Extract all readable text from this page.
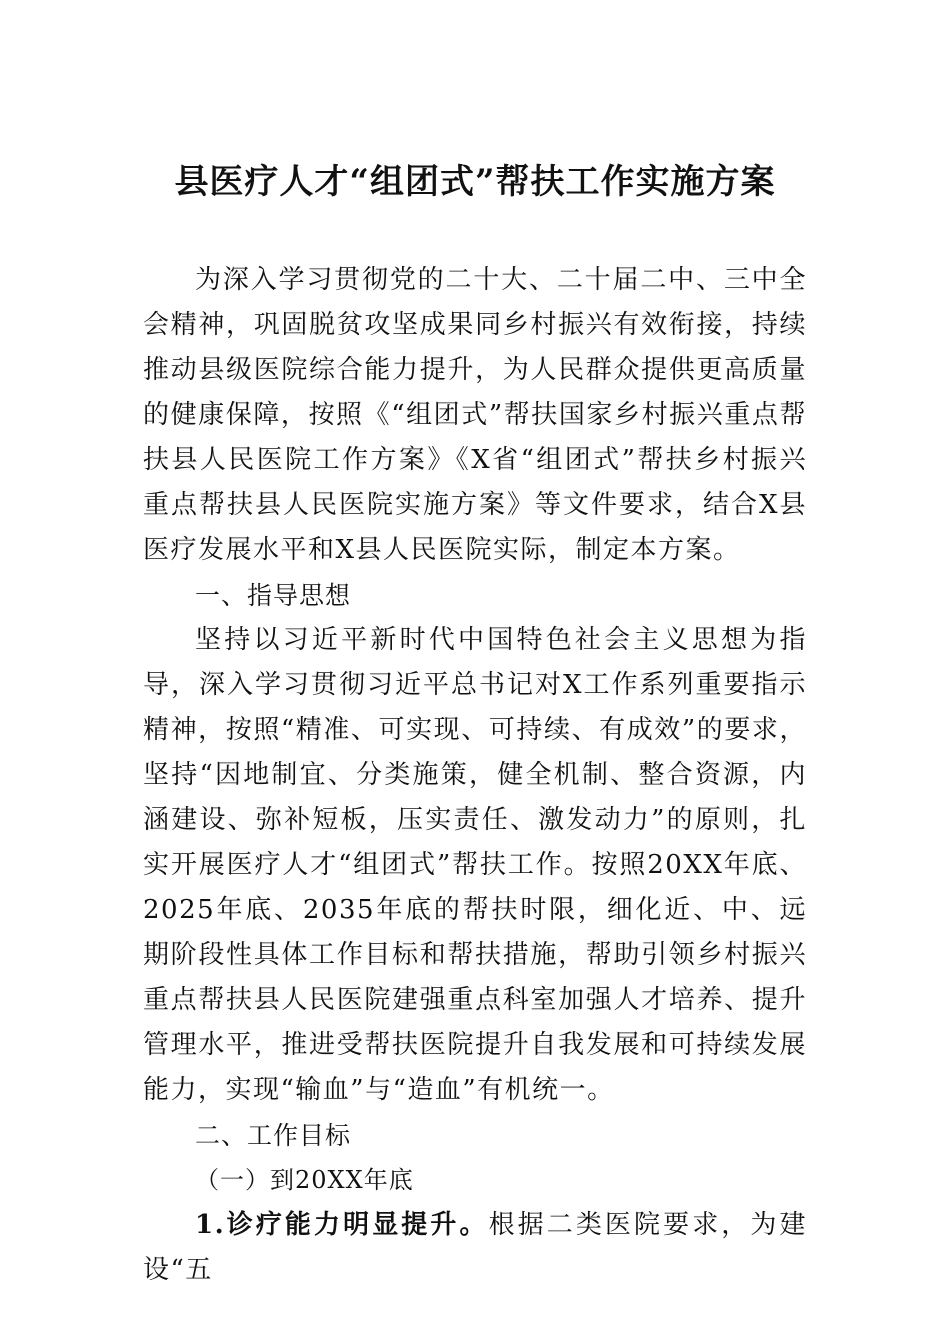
县医疗人才“组团式”帮扶工作实施方案

为深入学习贯彻党的二十大、二十届二中、三中全会精神，巩固脱贫攻坚成果同乡村振兴有效衔接，持续推动县级医院综合能力提升，为人民群众提供更高质量的健康保障，按照《“组团式”帮扶国家乡村振兴重点帮扶县人民医院工作方案》《X省“组团式”帮扶乡村振兴重点帮扶县人民医院实施方案》等文件要求，结合X县医疗发展水平和X县人民医院实际，制定本方案。

一、指导思想

坚持以习近平新时代中国特色社会主义思想为指导，深入学习贯彻习近平总书记对X工作系列重要指示精神，按照“精准、可实现、可持续、有成效”的要求，坚持“因地制宜、分类施策，健全机制、整合资源，内涵建设、弥补短板，压实责任、激发动力”的原则，扎实开展医疗人才“组团式”帮扶工作。按照20XX年底、2025年底、2035年底的帮扶时限，细化近、中、远期阶段性具体工作目标和帮扶措施，帮助引领乡村振兴重点帮扶县人民医院建强重点科室加强人才培养、提升管理水平，推进受帮扶医院提升自我发展和可持续发展能力，实现“输血”与“造血”有机统一。

二、工作目标

（一）到20XX年底

1.诊疗能力明显提升。根据二类医院要求，为建设“五
